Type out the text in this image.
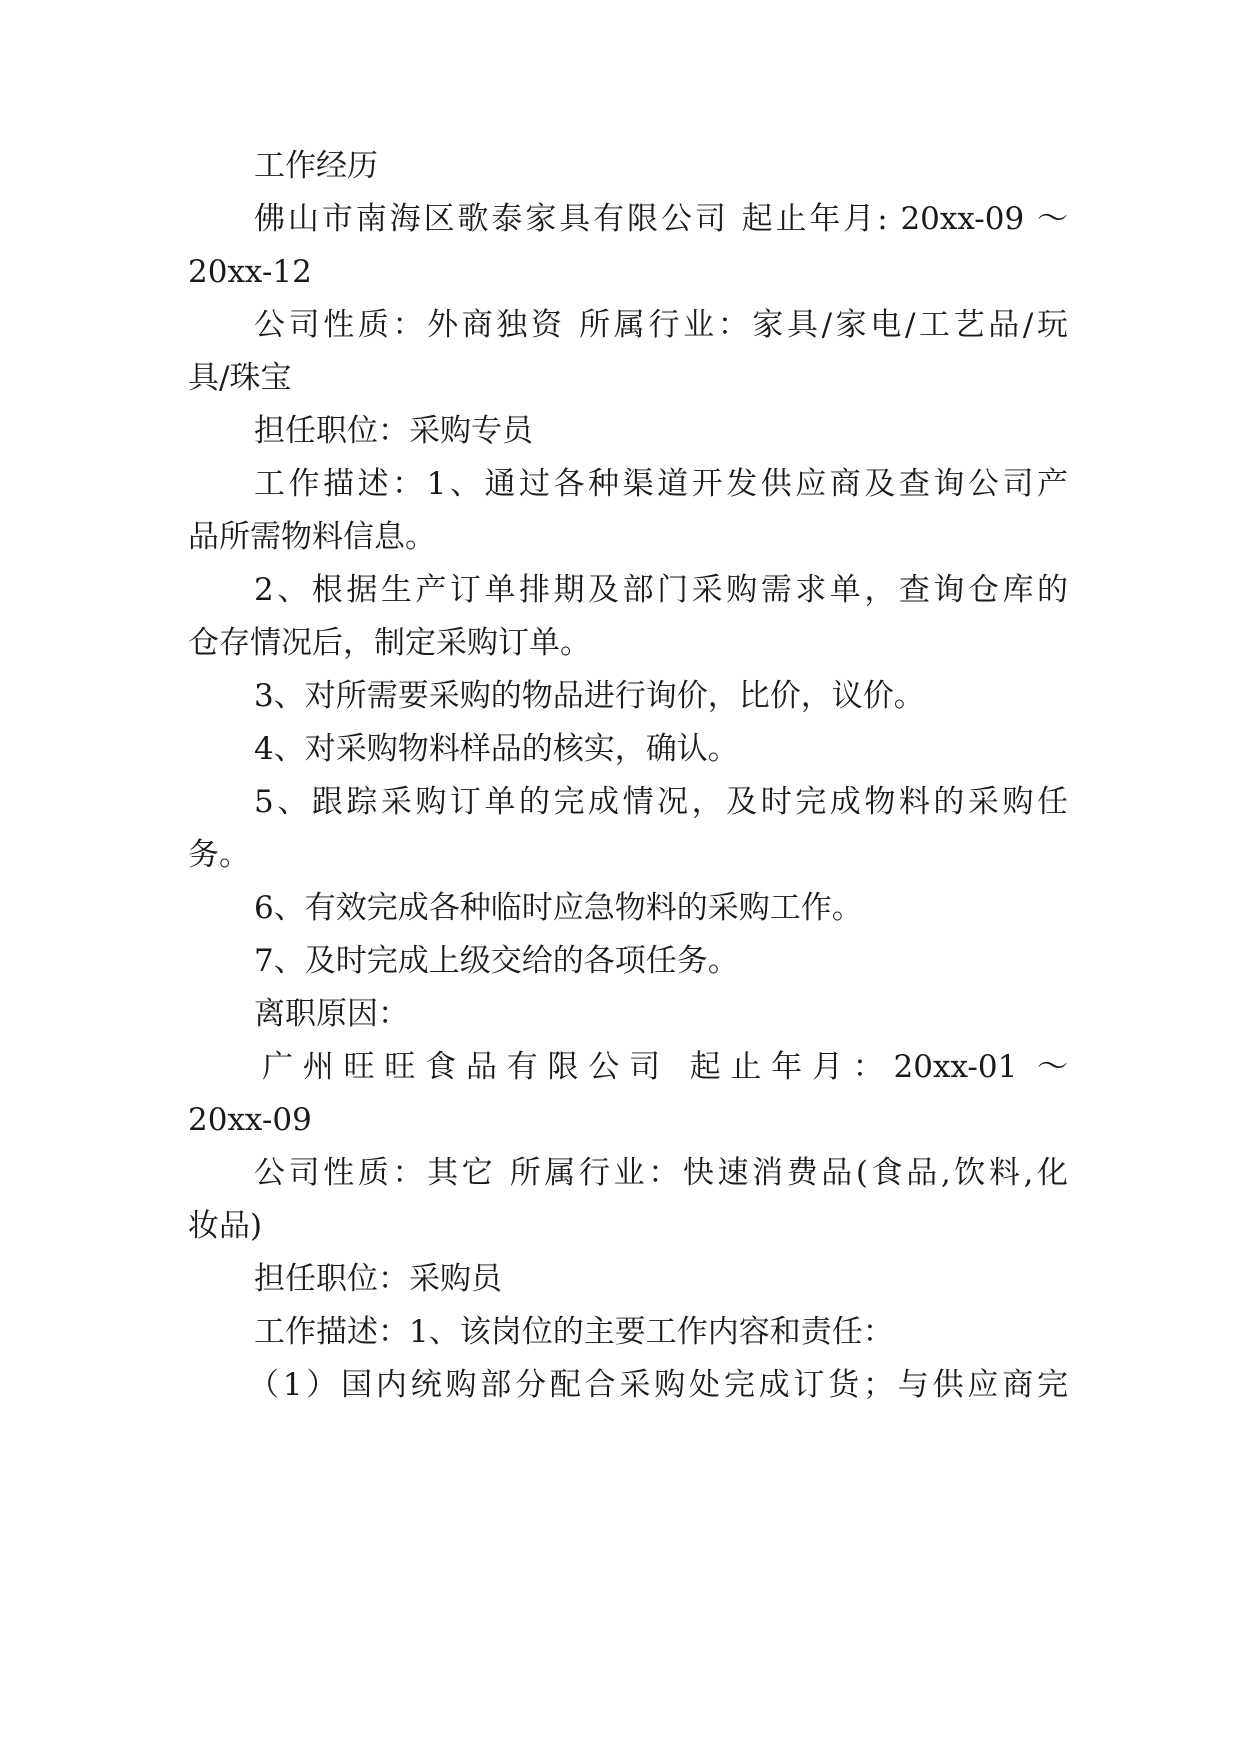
工作经历
佛山市南海区歌泰家具有限公司 起止年月: 20xx-09 ～
20xx-12
公司性质：外商独资 所属行业：家具/家电/工艺品/玩
具/珠宝
担任职位：采购专员
工作描述：1、通过各种渠道开发供应商及查询公司产
品所需物料信息。
2、根据生产订单排期及部门采购需求单，查询仓库的
仓存情况后，制定采购订单。
3、对所需要采购的物品进行询价，比价，议价。
4、对采购物料样品的核实，确认。
5、跟踪采购订单的完成情况，及时完成物料的采购任
务。
6、有效完成各种临时应急物料的采购工作。
7、及时完成上级交给的各项任务。
离职原因：
广州旺旺食品有限公司 起止年月：20xx-01 ～
20xx-09
公司性质：其它 所属行业：快速消费品(食品,饮料,化
妆品)
担任职位：采购员
工作描述：1、该岗位的主要工作内容和责任：
（1）国内统购部分配合采购处完成订货；与供应商完
